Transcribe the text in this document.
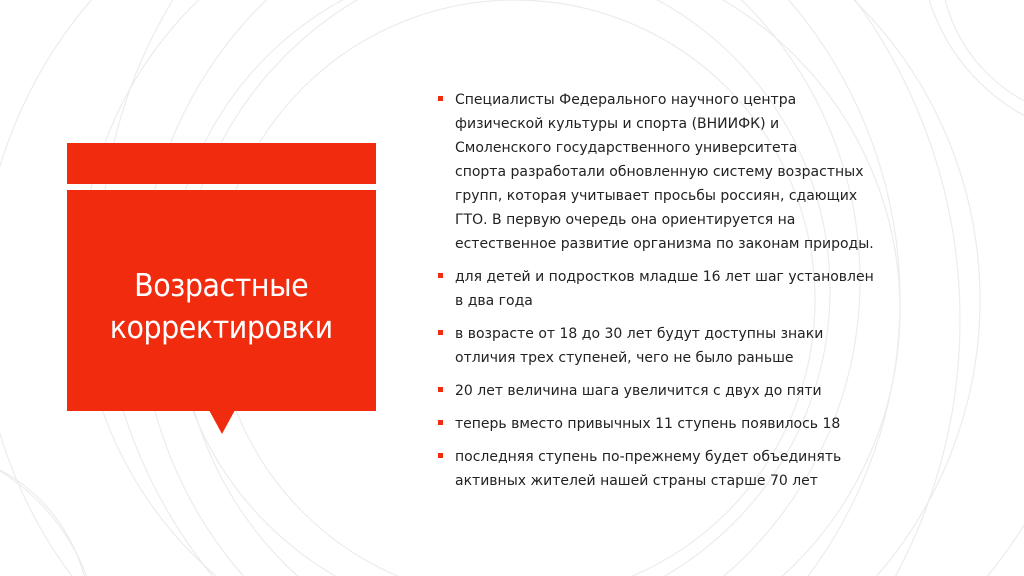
Возрастные
корректировки
Специалисты Федерального научного центра
физической культуры и спорта (ВНИИФК) и
Смоленского государственного университета
спорта разработали обновленную систему возрастных
групп, которая учитывает просьбы россиян, сдающих
ГТО. В первую очередь она ориентируется на
естественное развитие организма по законам природы.
для детей и подростков младше 16 лет шаг установлен
в два года
в возрасте от 18 до 30 лет будут доступны знаки
отличия трех ступеней, чего не было раньше
20 лет величина шага увеличится с двух до пяти
теперь вместо привычных 11 ступень появилось 18
последняя ступень по-прежнему будет объединять
активных жителей нашей страны старше 70 лет
